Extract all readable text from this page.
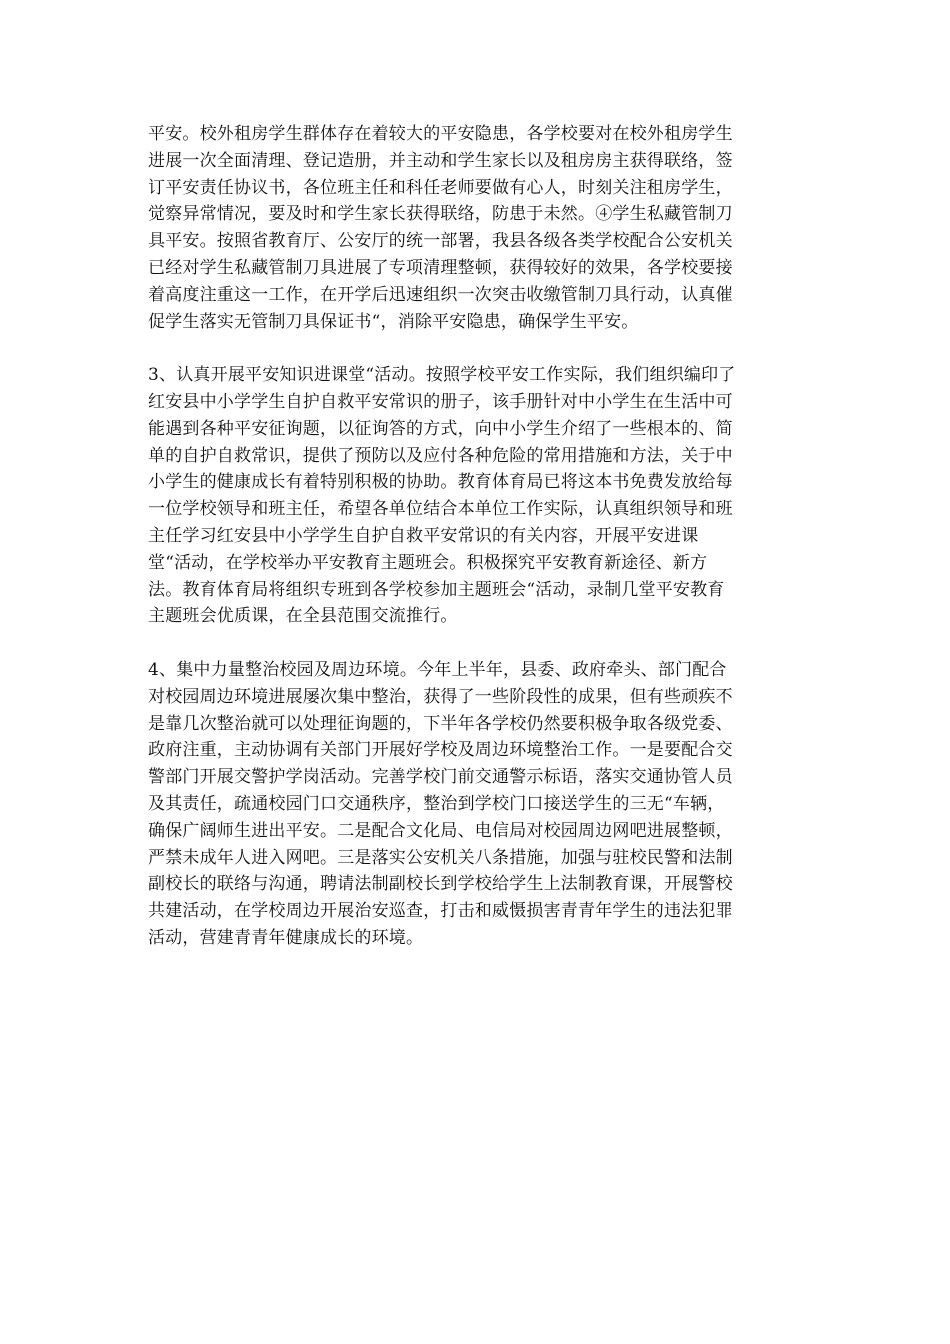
平安。校外租房学生群体存在着较大的平安隐患，各学校要对在校外租房学生
进展一次全面清理、登记造册，并主动和学生家长以及租房房主获得联络，签
订平安责任协议书，各位班主任和科任老师要做有心人，时刻关注租房学生，
觉察异常情况，要及时和学生家长获得联络，防患于未然。④学生私藏管制刀
具平安。按照省教育厅、公安厅的统一部署，我县各级各类学校配合公安机关
已经对学生私藏管制刀具进展了专项清理整顿，获得较好的效果，各学校要接
着高度注重这一工作，在开学后迅速组织一次突击收缴管制刀具行动，认真催
促学生落实无管制刀具保证书“，消除平安隐患，确保学生平安。
3、认真开展平安知识进课堂“活动。按照学校平安工作实际，我们组织编印了
红安县中小学学生自护自救平安常识的册子，该手册针对中小学生在生活中可
能遇到各种平安征询题，以征询答的方式，向中小学生介绍了一些根本的、简
单的自护自救常识，提供了预防以及应付各种危险的常用措施和方法，关于中
小学生的健康成长有着特别积极的协助。教育体育局已将这本书免费发放给每
一位学校领导和班主任，希望各单位结合本单位工作实际，认真组织领导和班
主任学习红安县中小学学生自护自救平安常识的有关内容，开展平安进课
堂“活动，在学校举办平安教育主题班会。积极探究平安教育新途径、新方
法。教育体育局将组织专班到各学校参加主题班会“活动，录制几堂平安教育
主题班会优质课，在全县范围交流推行。
4、集中力量整治校园及周边环境。今年上半年，县委、政府牵头、部门配合
对校园周边环境进展屡次集中整治，获得了一些阶段性的成果，但有些顽疾不
是靠几次整治就可以处理征询题的，下半年各学校仍然要积极争取各级党委、
政府注重，主动协调有关部门开展好学校及周边环境整治工作。一是要配合交
警部门开展交警护学岗活动。完善学校门前交通警示标语，落实交通协管人员
及其责任，疏通校园门口交通秩序，整治到学校门口接送学生的三无“车辆，
确保广阔师生进出平安。二是配合文化局、电信局对校园周边网吧进展整顿，
严禁未成年人进入网吧。三是落实公安机关八条措施，加强与驻校民警和法制
副校长的联络与沟通，聘请法制副校长到学校给学生上法制教育课，开展警校
共建活动，在学校周边开展治安巡查，打击和威慑损害青青年学生的违法犯罪
活动，营建青青年健康成长的环境。
